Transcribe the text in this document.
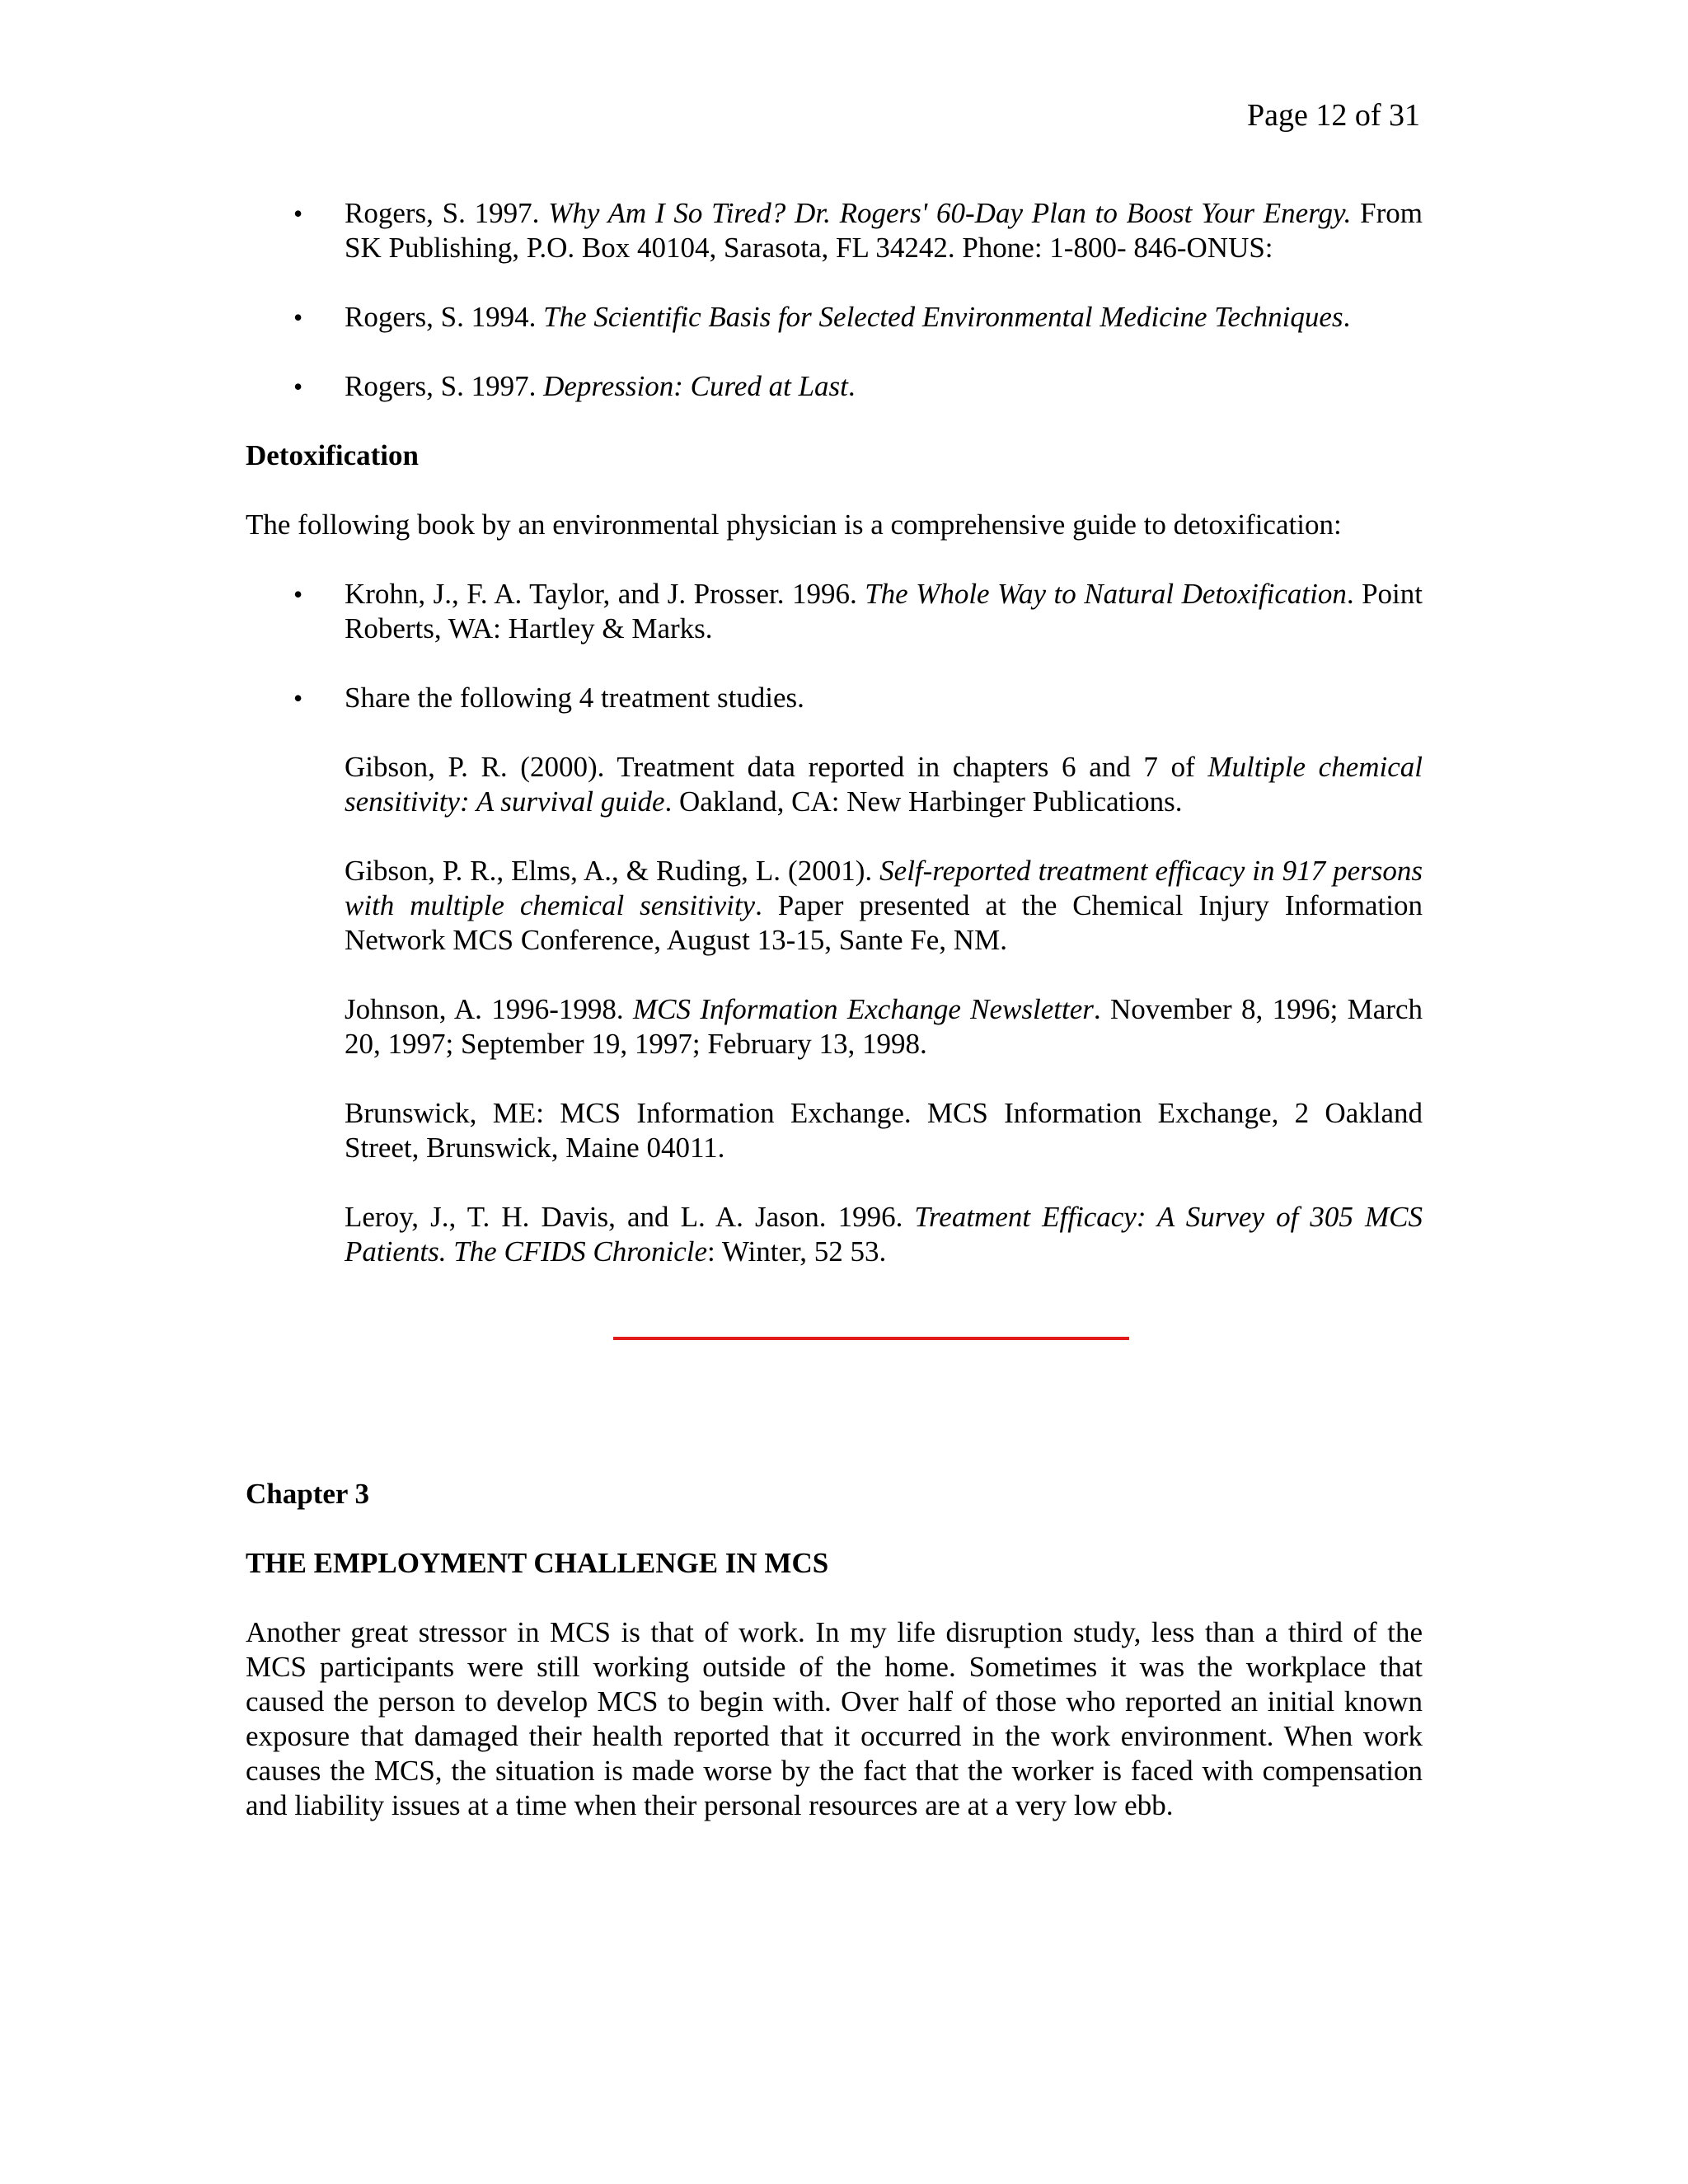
Page 12 of 31
• Rogers, S. 1997. Why Am I So Tired? Dr. Rogers' 60-Day Plan to Boost Your Energy. From SK Publishing, P.O. Box 40104, Sarasota, FL 34242. Phone: 1-800- 846-ONUS:
• Rogers, S. 1994. The Scientific Basis for Selected Environmental Medicine Techniques.
• Rogers, S. 1997. Depression: Cured at Last.
Detoxification
The following book by an environmental physician is a comprehensive guide to detoxification:
• Krohn, J., F. A. Taylor, and J. Prosser. 1996. The Whole Way to Natural Detoxification. Point Roberts, WA: Hartley & Marks.
• Share the following 4 treatment studies.
Gibson, P. R. (2000). Treatment data reported in chapters 6 and 7 of Multiple chemical sensitivity: A survival guide. Oakland, CA: New Harbinger Publications.
Gibson, P. R., Elms, A., & Ruding, L. (2001). Self-reported treatment efficacy in 917 persons with multiple chemical sensitivity. Paper presented at the Chemical Injury Information Network MCS Conference, August 13-15, Sante Fe, NM.
Johnson, A. 1996-1998. MCS Information Exchange Newsletter. November 8, 1996; March 20, 1997; September 19, 1997; February 13, 1998.
Brunswick, ME: MCS Information Exchange. MCS Information Exchange, 2 Oakland Street, Brunswick, Maine 04011.
Leroy, J., T. H. Davis, and L. A. Jason. 1996. Treatment Efficacy: A Survey of 305 MCS Patients. The CFIDS Chronicle: Winter, 52 53.
Chapter 3
THE EMPLOYMENT CHALLENGE IN MCS
Another great stressor in MCS is that of work. In my life disruption study, less than a third of the MCS participants were still working outside of the home. Sometimes it was the workplace that caused the person to develop MCS to begin with. Over half of those who reported an initial known exposure that damaged their health reported that it occurred in the work environment. When work causes the MCS, the situation is made worse by the fact that the worker is faced with compensation and liability issues at a time when their personal resources are at a very low ebb.
